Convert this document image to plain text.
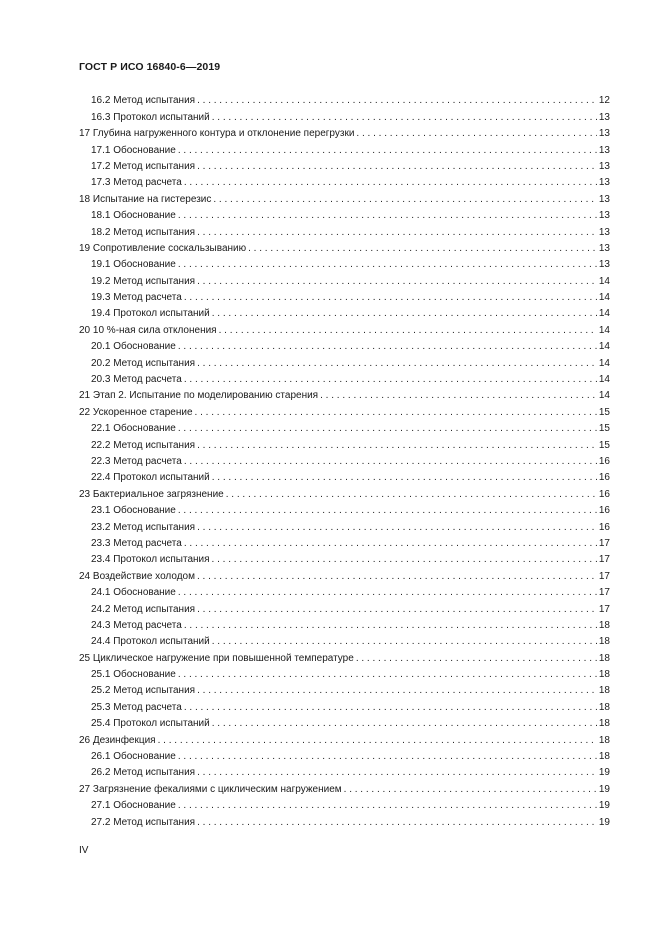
ГОСТ Р ИСО 16840-6—2019
16.2 Метод испытания . . .	12
16.3 Протокол испытаний . . .	13
17 Глубина нагруженного контура и отклонение перегрузки . . .	13
17.1 Обоснование . . .	13
17.2 Метод испытания . . .	13
17.3 Метод расчета . . .	13
18 Испытание на гистерезис . . .	13
18.1 Обоснование . . .	13
18.2 Метод испытания . . .	13
19 Сопротивление соскальзыванию . . .	13
19.1 Обоснование . . .	13
19.2 Метод испытания . . .	14
19.3 Метод расчета . . .	14
19.4 Протокол испытаний . . .	14
20 10 %-ная сила отклонения . . .	14
20.1 Обоснование . . .	14
20.2 Метод испытания . . .	14
20.3 Метод расчета . . .	14
21 Этап 2. Испытание по моделированию старения . . .	14
22 Ускоренное старение . . .	15
22.1 Обоснование . . .	15
22.2 Метод испытания . . .	15
22.3 Метод расчета . . .	16
22.4 Протокол испытаний . . .	16
23 Бактериальное загрязнение . . .	16
23.1 Обоснование . . .	16
23.2 Метод испытания . . .	16
23.3 Метод расчета . . .	17
23.4 Протокол испытания . . .	17
24 Воздействие холодом . . .	17
24.1 Обоснование . . .	17
24.2 Метод испытания . . .	17
24.3 Метод расчета . . .	18
24.4 Протокол испытаний . . .	18
25 Циклическое нагружение при повышенной температуре . . .	18
25.1 Обоснование . . .	18
25.2 Метод испытания . . .	18
25.3 Метод расчета . . .	18
25.4 Протокол испытаний . . .	18
26 Дезинфекция . . .	18
26.1 Обоснование . . .	18
26.2 Метод испытания . . .	19
27 Загрязнение фекалиями с циклическим нагружением . . .	19
27.1 Обоснование . . .	19
27.2 Метод испытания . . .	19
IV
